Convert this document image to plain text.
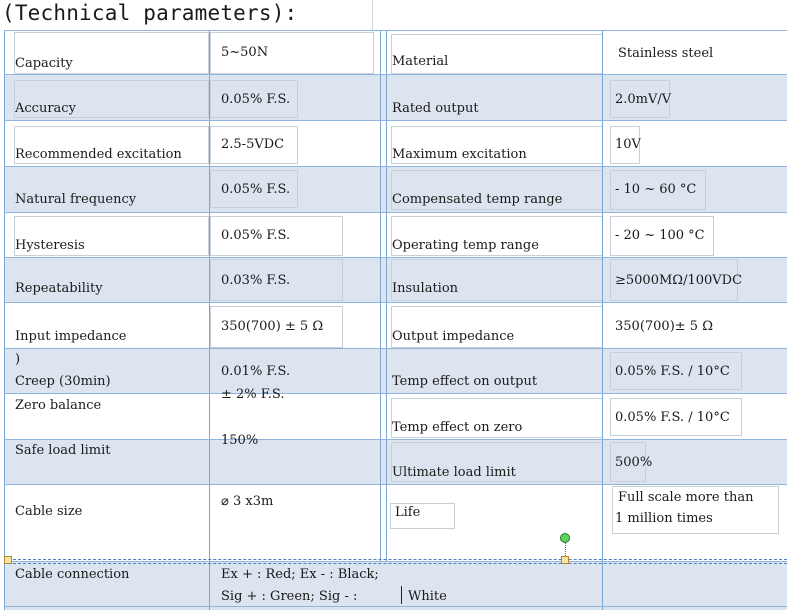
(Technical parameters):
Capacity
5~50N
Material
Stainless steel
Accuracy
0.05% F.S.
Rated output
2.0mV/V
Recommended excitation
2.5-5VDC
Maximum excitation
10V
Natural frequency
0.05% F.S.
Compensated temp range
- 10 ~ 60 °C
Hysteresis
0.05% F.S.
Operating temp range
- 20 ~ 100 °C
Repeatability
0.03% F.S.
Insulation
≥5000MΩ/100VDC
Input impedance
350(700) ± 5 Ω
Output impedance
350(700)± 5 Ω
)
Creep (30min)
0.01% F.S.
Temp effect on output
0.05% F.S. / 10°C
Zero balance
± 2% F.S.
Temp effect on zero
0.05% F.S. / 10°C
Safe load limit
150%
Ultimate load limit
500%
Cable size
⌀ 3 x3m
Life
Full scale more than
1 million times
Cable connection	Ex + : Red; Ex - : Black;
Sig + : Green; Sig - :	White
